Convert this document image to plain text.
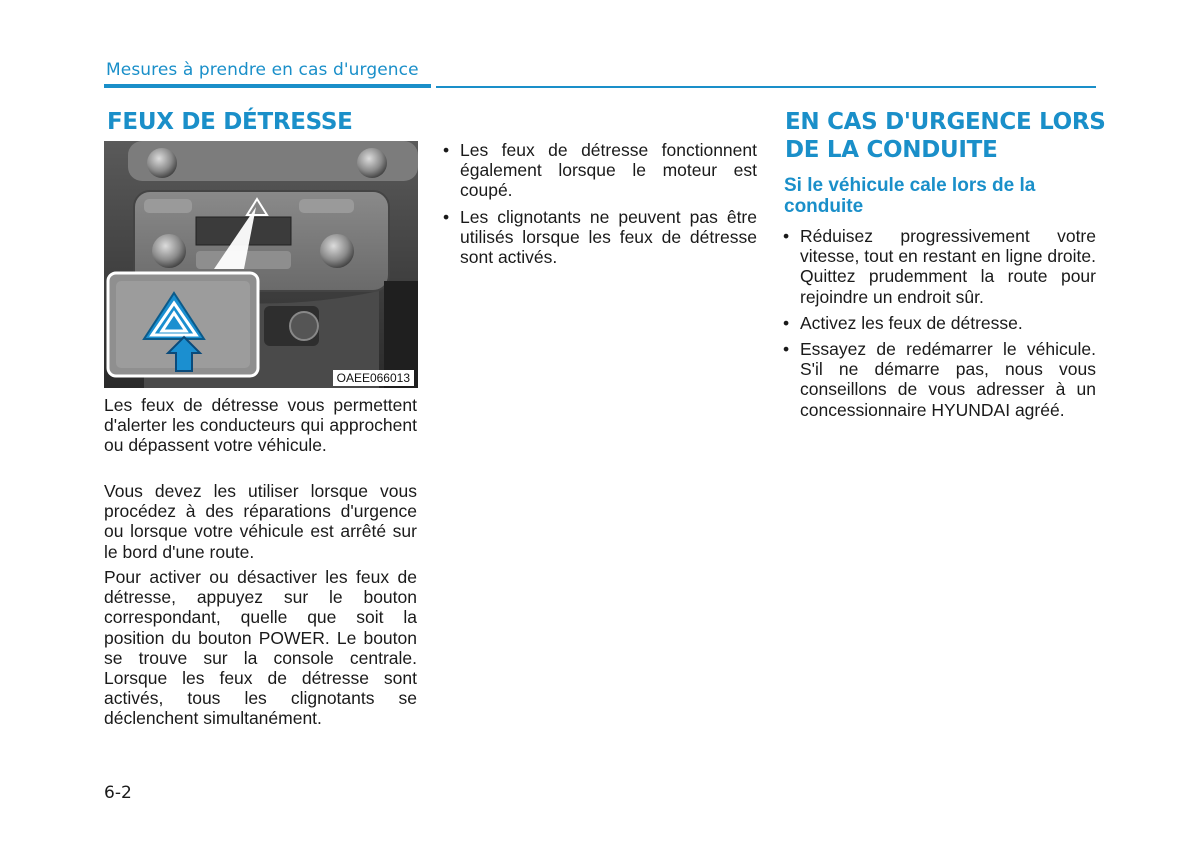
Mesures à prendre en cas d'urgence
FEUX DE DÉTRESSE
OAEE066013

Les feux de détresse vous permettent d'alerter les conducteurs qui approchent ou dépassent votre véhicule.

Vous devez les utiliser lorsque vous procédez à des réparations d'urgence ou lorsque votre véhicule est arrêté sur le bord d'une route.

Pour activer ou désactiver les feux de détresse, appuyez sur le bouton correspondant, quelle que soit la position du bouton POWER. Le bouton se trouve sur la console centrale. Lorsque les feux de détresse sont activés, tous les clignotants se déclenchent simultanément.

• Les feux de détresse fonctionnent également lorsque le moteur est coupé.
• Les clignotants ne peuvent pas être utilisés lorsque les feux de détresse sont activés.
EN CAS D'URGENCE LORS
DE LA CONDUITE
Si le véhicule cale lors de la
conduite
• Réduisez progressivement votre vitesse, tout en restant en ligne droite. Quittez prudemment la route pour rejoindre un endroit sûr.
• Activez les feux de détresse.
• Essayez de redémarrer le véhicule. S'il ne démarre pas, nous vous conseillons de vous adresser à un concessionnaire HYUNDAI agréé.
6-2
